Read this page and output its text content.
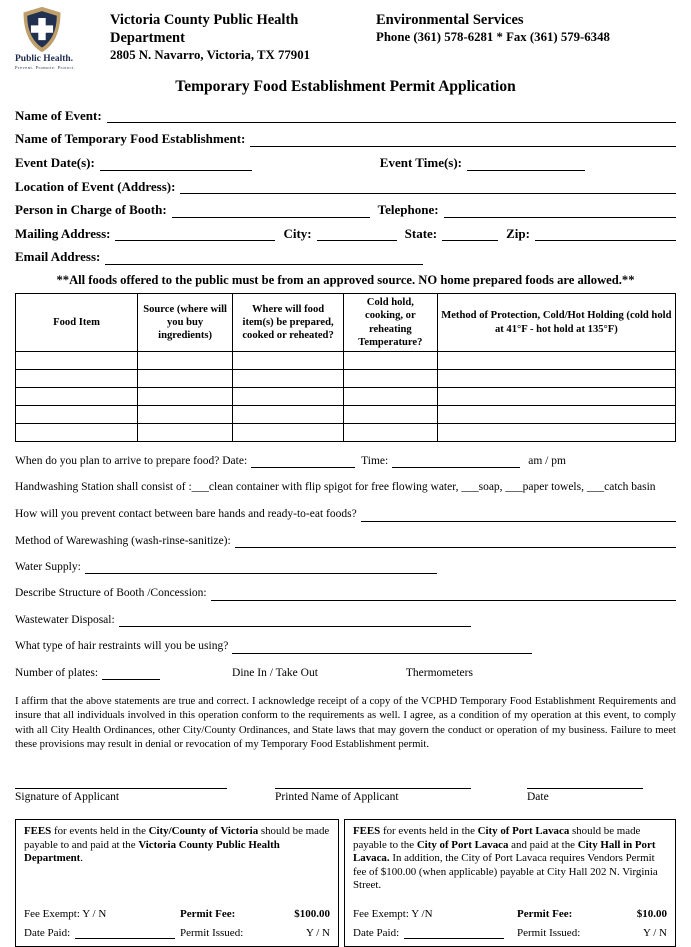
Public Health.
Prevent. Promote. Protect.
Victoria County Public Health Department
2805 N. Navarro, Victoria, TX 77901
Environmental Services
Phone (361) 578-6281 * Fax (361) 579-6348
Temporary Food Establishment Permit Application
Name of Event:
Name of Temporary Food Establishment:
Event Date(s):	Event Time(s):
Location of Event (Address):
Person in Charge of Booth:	Telephone:
Mailing Address:	City:	State:	Zip:
Email Address:
**All foods offered to the public must be from an approved source. NO home prepared foods are allowed.**
Food Item	Source (where will you buy ingredients)	Where will food item(s) be prepared, cooked or reheated?	Cold hold, cooking, or reheating Temperature?	Method of Protection, Cold/Hot Holding (cold hold at 41°F - hot hold at 135°F)

When do you plan to arrive to prepare food? Date:	Time:	am / pm
Handwashing Station shall consist of :___clean container with flip spigot for free flowing water, ___soap, ___paper towels, ___catch basin
How will you prevent contact between bare hands and ready-to-eat foods?
Method of Warewashing (wash-rinse-sanitize):
Water Supply:
Describe Structure of Booth /Concession:
Wastewater Disposal:
What type of hair restraints will you be using?
Number of plates:	Dine In / Take Out	Thermometers
I affirm that the above statements are true and correct. I acknowledge receipt of a copy of the VCPHD Temporary Food Establishment Requirements and insure that all individuals involved in this operation conform to the requirements as well. I agree, as a condition of my operation at this event, to comply with all City Health Ordinances, other City/County Ordinances, and State laws that may govern the conduct or operation of my business. Failure to meet these provisions may result in denial or revocation of my Temporary Food Establishment permit.
Signature of Applicant	Printed Name of Applicant	Date
FEES for events held in the City/County of Victoria should be made payable to and paid at the Victoria County Public Health Department.
Fee Exempt: Y / N	Permit Fee:	$100.00
Date Paid:	Permit Issued:	Y / N
FEES for events held in the City of Port Lavaca should be made payable to the City of Port Lavaca and paid at the City Hall in Port Lavaca. In addition, the City of Port Lavaca requires Vendors Permit fee of $100.00 (when applicable) payable at City Hall 202 N. Virginia Street.
Fee Exempt: Y /N	Permit Fee:	$10.00
Date Paid:	Permit Issued:	Y / N
